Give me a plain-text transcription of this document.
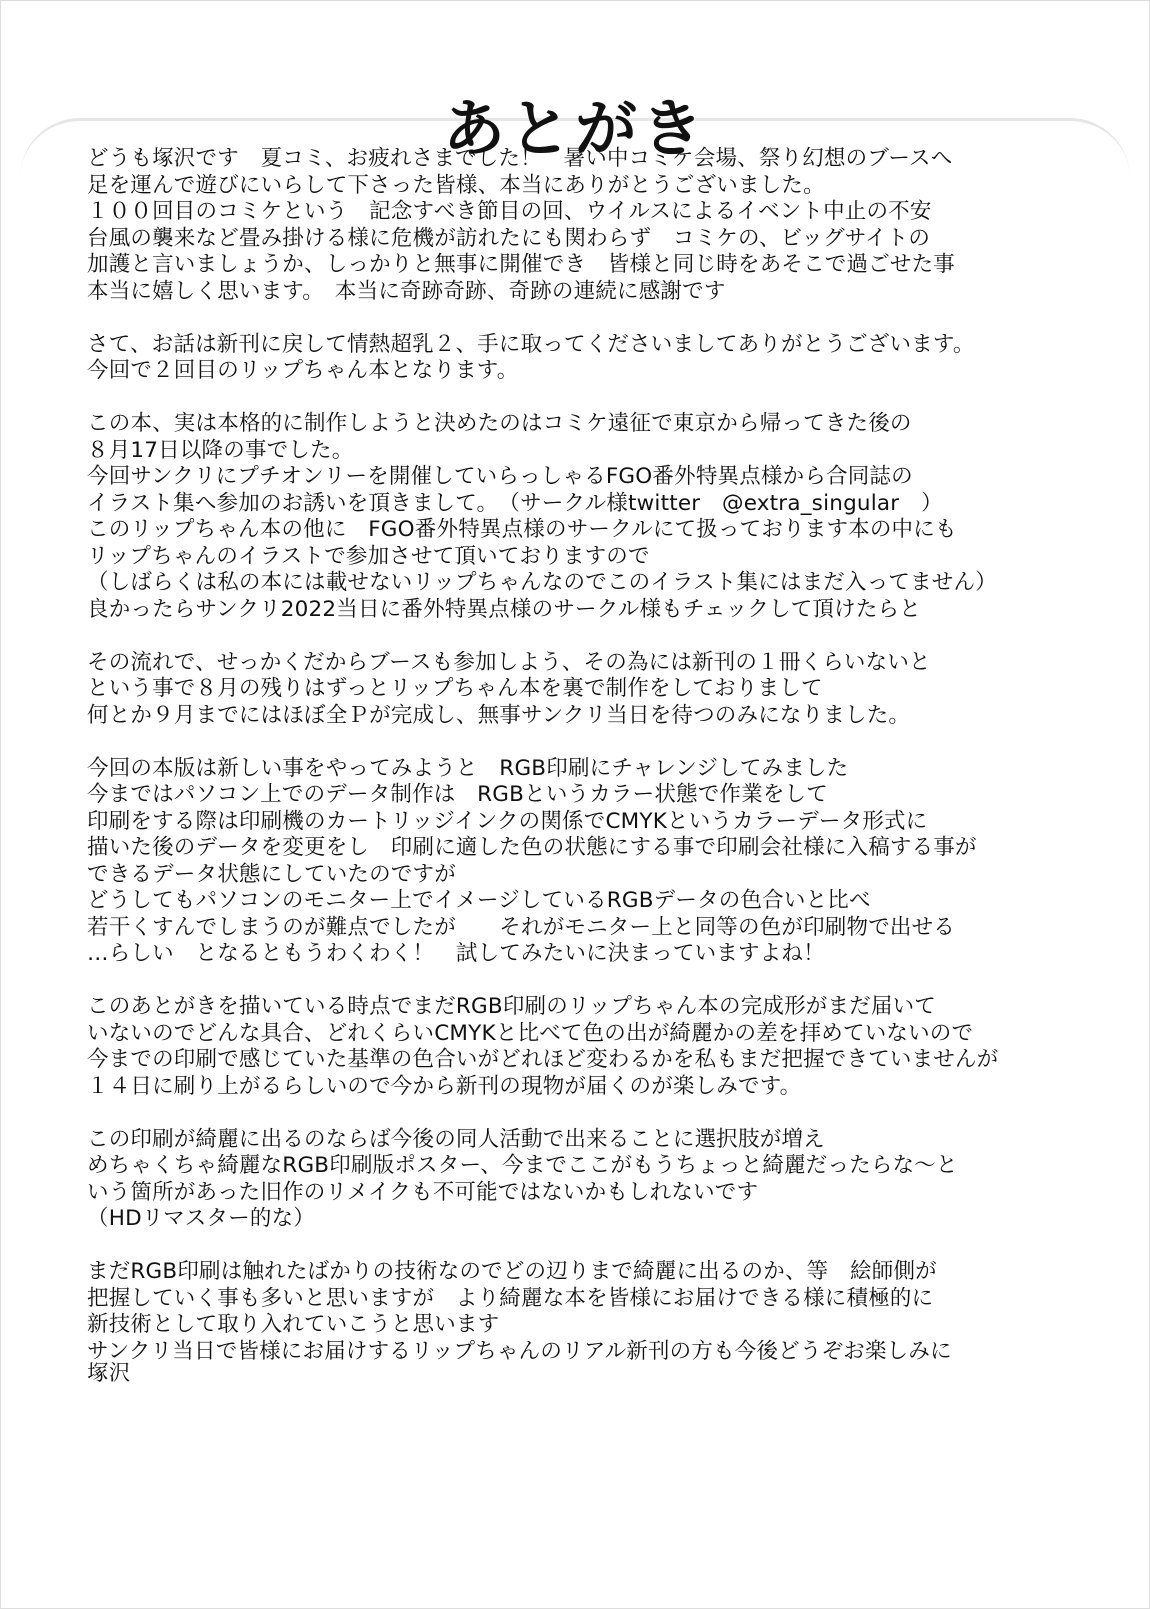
あとがき
どうも塚沢です　夏コミ、お疲れさまでした！　暑い中コミケ会場、祭り幻想のブースへ
足を運んで遊びにいらして下さった皆様、本当にありがとうございました。
１００回目のコミケという　記念すべき節目の回、ウイルスによるイベント中止の不安
台風の襲来など畳み掛ける様に危機が訪れたにも関わらず　コミケの、ビッグサイトの
加護と言いましょうか、しっかりと無事に開催でき　皆様と同じ時をあそこで過ごせた事
本当に嬉しく思います。　本当に奇跡奇跡、奇跡の連続に感謝です
さて、お話は新刊に戻して情熱超乳２、手に取ってくださいましてありがとうございます。
今回で２回目のリップちゃん本となります。
この本、実は本格的に制作しようと決めたのはコミケ遠征で東京から帰ってきた後の
８月17日以降の事でした。
今回サンクリにプチオンリーを開催していらっしゃるFGO番外特異点様から合同誌の
イラスト集へ参加のお誘いを頂きまして。　（サークル様twitter　@extra_singular　）
このリップちゃん本の他に　FGO番外特異点様のサークルにて扱っております本の中にも
リップちゃんのイラストで参加させて頂いておりますので
（しばらくは私の本には載せないリップちゃんなのでこのイラスト集にはまだ入ってません）
良かったらサンクリ2022当日に番外特異点様のサークル様もチェックして頂けたらと
その流れで、せっかくだからブースも参加しよう、その為には新刊の１冊くらいないと
という事で８月の残りはずっとリップちゃん本を裏で制作をしておりまして
何とか９月までにはほぼ全Ｐが完成し、無事サンクリ当日を待つのみになりました。
今回の本版は新しい事をやってみようと　RGB印刷にチャレンジしてみました
今まではパソコン上でのデータ制作は　RGBというカラー状態で作業をして
印刷をする際は印刷機のカートリッジインクの関係でCMYKというカラーデータ形式に
描いた後のデータを変更をし　印刷に適した色の状態にする事で印刷会社様に入稿する事が
できるデータ状態にしていたのですが
どうしてもパソコンのモニター上でイメージしているRGBデータの色合いと比べ
若干くすんでしまうのが難点でしたが　　それがモニター上と同等の色が印刷物で出せる
…らしい　となるともうわくわく！　試してみたいに決まっていますよね！
このあとがきを描いている時点でまだRGB印刷のリップちゃん本の完成形がまだ届いて
いないのでどんな具合、どれくらいCMYKと比べて色の出が綺麗かの差を拝めていないので
今までの印刷で感じていた基準の色合いがどれほど変わるかを私もまだ把握できていませんが
１４日に刷り上がるらしいので今から新刊の現物が届くのが楽しみです。
この印刷が綺麗に出るのならば今後の同人活動で出来ることに選択肢が増え
めちゃくちゃ綺麗なRGB印刷版ポスター、今までここがもうちょっと綺麗だったらな～と
いう箇所があった旧作のリメイクも不可能ではないかもしれないです
（HDリマスター的な）
まだRGB印刷は触れたばかりの技術なのでどの辺りまで綺麗に出るのか、等　絵師側が
把握していく事も多いと思いますが　より綺麗な本を皆様にお届けできる様に積極的に
新技術として取り入れていこうと思います
サンクリ当日で皆様にお届けするリップちゃんのリアル新刊の方も今後どうぞお楽しみに
塚沢
